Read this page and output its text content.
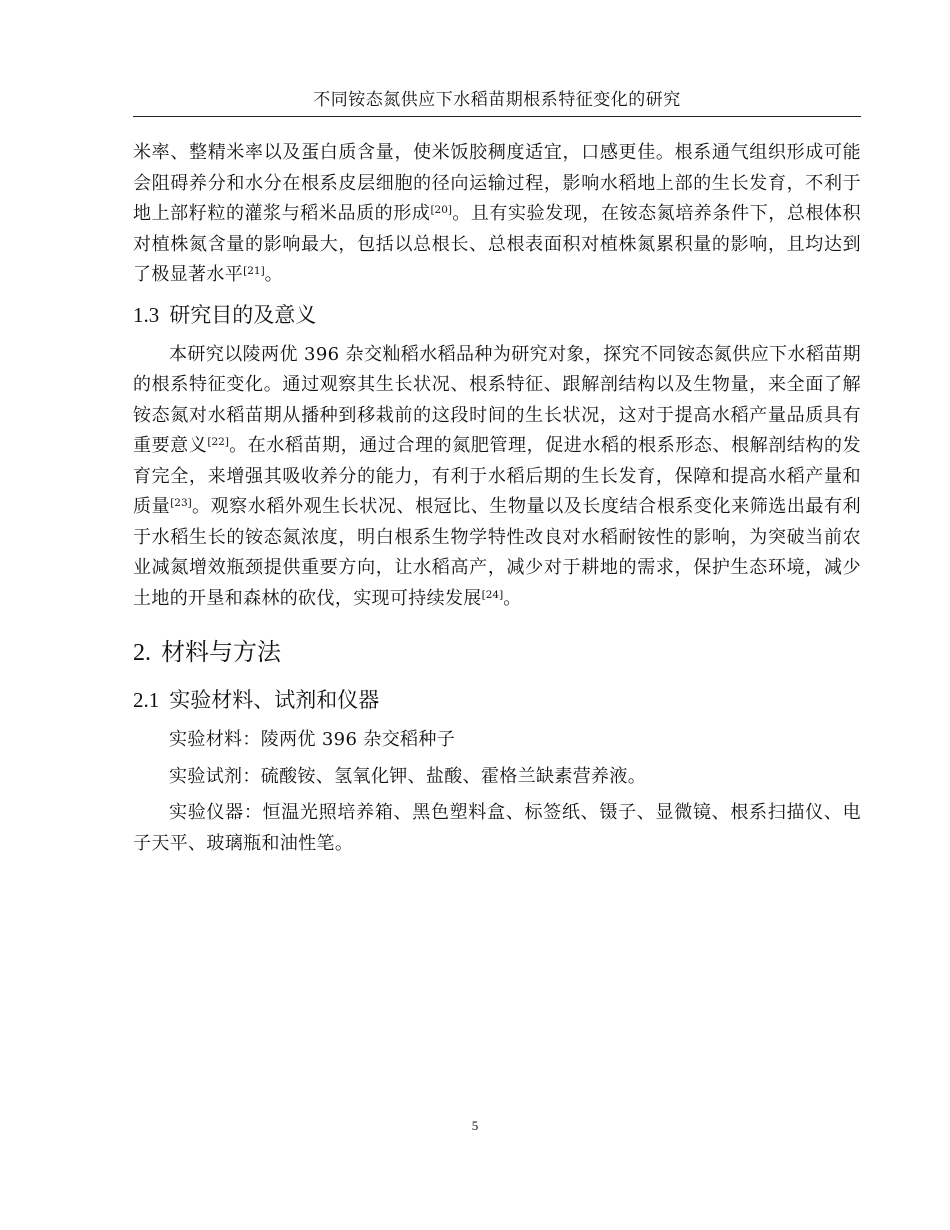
不同铵态氮供应下水稻苗期根系特征变化的研究

米率、整精米率以及蛋白质含量，使米饭胶稠度适宜，口感更佳。根系通气组织形成可能会阻碍养分和水分在根系皮层细胞的径向运输过程，影响水稻地上部的生长发育，不利于地上部籽粒的灌浆与稻米品质的形成[20]。且有实验发现，在铵态氮培养条件下，总根体积对植株氮含量的影响最大，包括以总根长、总根表面积对植株氮累积量的影响，且均达到了极显著水平[21]。

1.3 研究目的及意义

本研究以陵两优 396 杂交籼稻水稻品种为研究对象，探究不同铵态氮供应下水稻苗期的根系特征变化。通过观察其生长状况、根系特征、跟解剖结构以及生物量，来全面了解铵态氮对水稻苗期从播种到移栽前的这段时间的生长状况，这对于提高水稻产量品质具有重要意义[22]。在水稻苗期，通过合理的氮肥管理，促进水稻的根系形态、根解剖结构的发育完全，来增强其吸收养分的能力，有利于水稻后期的生长发育，保障和提高水稻产量和质量[23]。观察水稻外观生长状况、根冠比、生物量以及长度结合根系变化来筛选出最有利于水稻生长的铵态氮浓度，明白根系生物学特性改良对水稻耐铵性的影响，为突破当前农业减氮增效瓶颈提供重要方向，让水稻高产，减少对于耕地的需求，保护生态环境，减少土地的开垦和森林的砍伐，实现可持续发展[24]。

2. 材料与方法
2.1 实验材料、试剂和仪器

实验材料：陵两优 396 杂交稻种子

实验试剂：硫酸铵、氢氧化钾、盐酸、霍格兰缺素营养液。

实验仪器：恒温光照培养箱、黑色塑料盒、标签纸、镊子、显微镜、根系扫描仪、电子天平、玻璃瓶和油性笔。

5
